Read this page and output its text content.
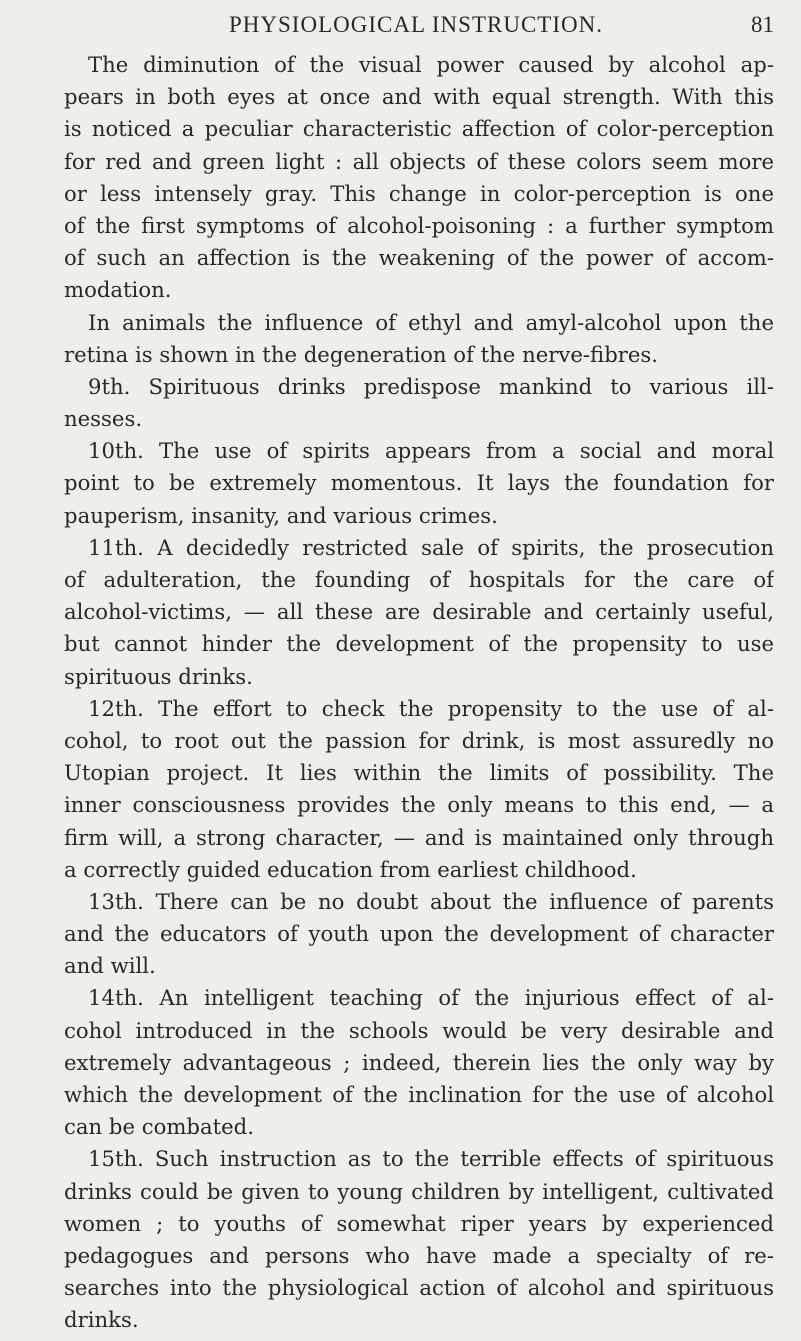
PHYSIOLOGICAL INSTRUCTION.	81
The diminution of the visual power caused by alcohol ap-
pears in both eyes at once and with equal strength. With this
is noticed a peculiar characteristic affection of color-perception
for red and green light : all objects of these colors seem more
or less intensely gray. This change in color-perception is one
of the first symptoms of alcohol-poisoning : a further symptom
of such an affection is the weakening of the power of accom-
modation.
In animals the influence of ethyl and amyl-alcohol upon the
retina is shown in the degeneration of the nerve-fibres.
9th. Spirituous drinks predispose mankind to various ill-
nesses.
10th. The use of spirits appears from a social and moral
point to be extremely momentous. It lays the foundation for
pauperism, insanity, and various crimes.
11th. A decidedly restricted sale of spirits, the prosecution
of adulteration, the founding of hospitals for the care of
alcohol-victims, — all these are desirable and certainly useful,
but cannot hinder the development of the propensity to use
spirituous drinks.
12th. The effort to check the propensity to the use of al-
cohol, to root out the passion for drink, is most assuredly no
Utopian project. It lies within the limits of possibility. The
inner consciousness provides the only means to this end, — a
firm will, a strong character, — and is maintained only through
a correctly guided education from earliest childhood.
13th. There can be no doubt about the influence of parents
and the educators of youth upon the development of character
and will.
14th. An intelligent teaching of the injurious effect of al-
cohol introduced in the schools would be very desirable and
extremely advantageous ; indeed, therein lies the only way by
which the development of the inclination for the use of alcohol
can be combated.
15th. Such instruction as to the terrible effects of spirituous
drinks could be given to young children by intelligent, cultivated
women ; to youths of somewhat riper years by experienced
pedagogues and persons who have made a specialty of re-
searches into the physiological action of alcohol and spirituous
drinks.
